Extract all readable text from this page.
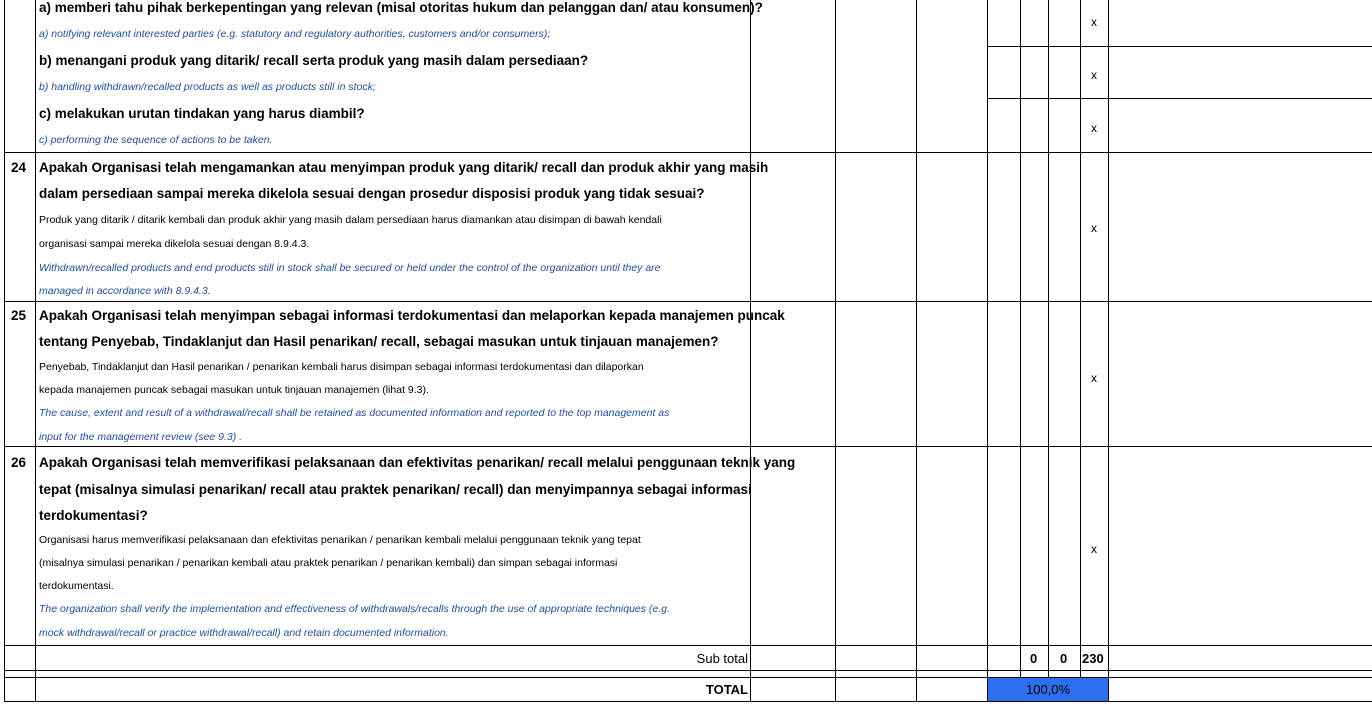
a) memberi tahu pihak berkepentingan yang relevan (misal otoritas hukum dan pelanggan dan/ atau konsumen)?
a) notifying relevant interested parties (e.g. statutory and regulatory authorities, customers and/or consumers);
x
b) menangani produk yang ditarik/ recall serta produk yang masih dalam persediaan?
b) handling withdrawn/recalled products as well as products still in stock;
x
c) melakukan urutan tindakan yang harus diambil?
c) performing the sequence of actions to be taken.
x
24 Apakah Organisasi telah mengamankan atau menyimpan produk yang ditarik/ recall dan produk akhir yang masih
dalam persediaan sampai mereka dikelola sesuai dengan prosedur disposisi produk yang tidak sesuai?
Produk yang ditarik / ditarik kembali dan produk akhir yang masih dalam persediaan harus diamankan atau disimpan di bawah kendali
organisasi sampai mereka dikelola sesuai dengan 8.9.4.3.
Withdrawn/recalled products and end products still in stock shall be secured or held under the control of the organization until they are
managed in accordance with 8.9.4.3.
x
25 Apakah Organisasi telah menyimpan sebagai informasi terdokumentasi dan melaporkan kepada manajemen puncak
tentang Penyebab, Tindaklanjut dan Hasil penarikan/ recall, sebagai masukan untuk tinjauan manajemen?
Penyebab, Tindaklanjut dan Hasil penarikan / penarikan kembali harus disimpan sebagai informasi terdokumentasi dan dilaporkan
kepada manajemen puncak sebagai masukan untuk tinjauan manajemen (lihat 9.3).
The cause, extent and result of a withdrawal/recall shall be retained as documented information and reported to the top management as
input for the management review (see 9.3) .
x
26 Apakah Organisasi telah memverifikasi pelaksanaan dan efektivitas penarikan/ recall melalui penggunaan teknik yang
tepat (misalnya simulasi penarikan/ recall atau praktek penarikan/ recall) dan menyimpannya sebagai informasi
terdokumentasi?
Organisasi harus memverifikasi pelaksanaan dan efektivitas penarikan / penarikan kembali melalui penggunaan teknik yang tepat
(misalnya simulasi penarikan / penarikan kembali atau praktek penarikan / penarikan kembali) dan simpan sebagai informasi
terdokumentasi.
The organization shall verify the implementation and effectiveness of withdrawals/recalls through the use of appropriate techniques (e.g.
mock withdrawal/recall or practice withdrawal/recall) and retain documented information.
x
Sub total	0 0 230
TOTAL	100,0%
